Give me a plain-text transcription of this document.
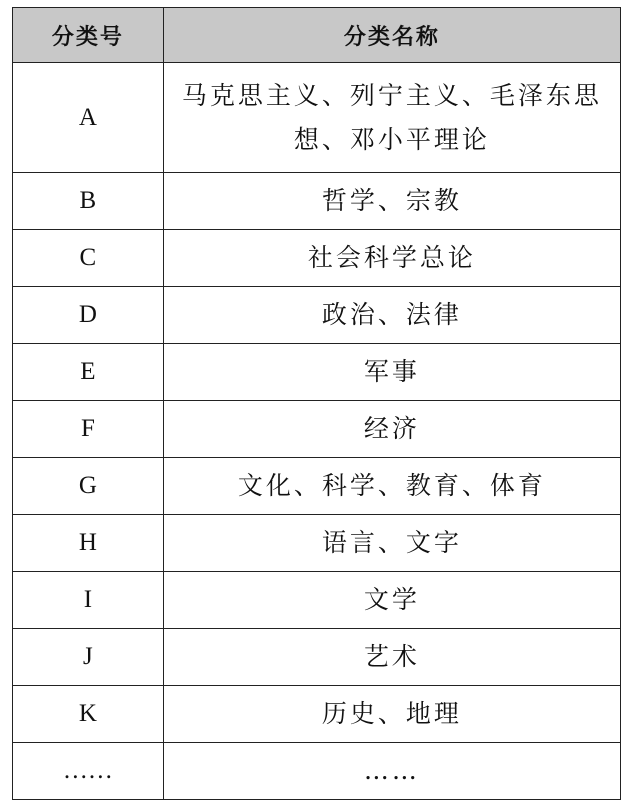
分类号	分类名称
A	马克思主义、列宁主义、毛泽东思想、邓小平理论
B	哲学、宗教
C	社会科学总论
D	政治、法律
E	军事
F	经济
G	文化、科学、教育、体育
H	语言、文字
I	文学
J	艺术
K	历史、地理
……	……
